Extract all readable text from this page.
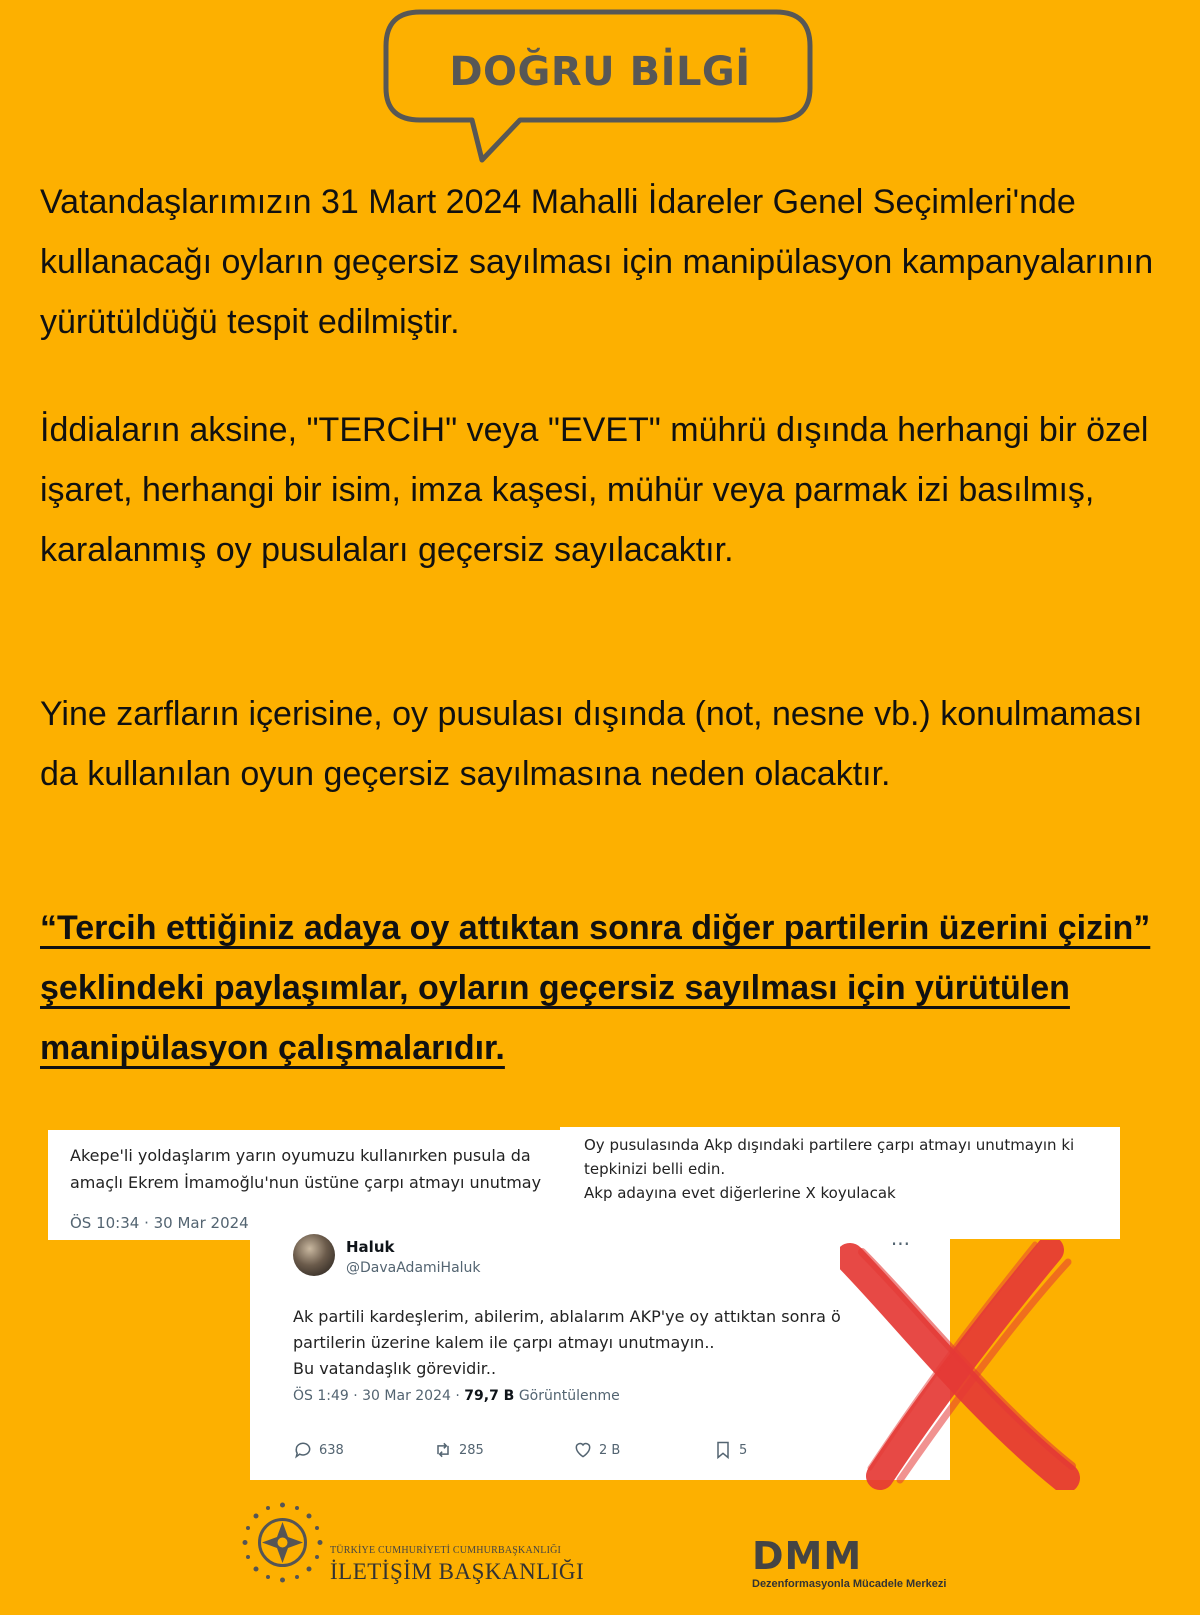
DOĞRU BİLGİ

Vatandaşlarımızın 31 Mart 2024 Mahalli İdareler Genel Seçimleri'nde kullanacağı oyların geçersiz sayılması için manipülasyon kampanyalarının yürütüldüğü tespit edilmiştir.

İddiaların aksine, "TERCİH" veya "EVET" mührü dışında herhangi bir özel işaret, herhangi bir isim, imza kaşesi, mühür veya parmak izi basılmış, karalanmış oy pusulaları geçersiz sayılacaktır.

Yine zarfların içerisine, oy pusulası dışında (not, nesne vb.) konulmaması da kullanılan oyun geçersiz sayılmasına neden olacaktır.

“Tercih ettiğiniz adaya oy attıktan sonra diğer partilerin üzerini çizin” şeklindeki paylaşımlar, oyların geçersiz sayılması için yürütülen manipülasyon çalışmalarıdır.

Akepe'li yoldaşlarım yarın oyumuzu kullanırken pusula da
amaçlı Ekrem İmamoğlu'nun üstüne çarpı atmayı unutmay
ÖS 10:34 · 30 Mar 2024
Oy pusulasında Akp dışındaki partilere çarpı atmayı unutmayın ki
tepkinizi belli edin.
Akp adayına evet diğerlerine X koyulacak
Haluk
@DavaAdamiHaluk
···
Ak partili kardeşlerim, abilerim, ablalarım AKP'ye oy attıktan sonra ö
partilerin üzerine kalem ile çarpı atmayı unutmayın..
Bu vatandaşlık görevidir..
ÖS 1:49 · 30 Mar 2024 · 79,7 B Görüntülenme
638	285	2 B	5
TÜRKİYE CUMHURİYETİ CUMHURBAŞKANLIĞI
İLETİŞİM BAŞKANLIĞI	DMM
Dezenformasyonla Mücadele Merkezi
